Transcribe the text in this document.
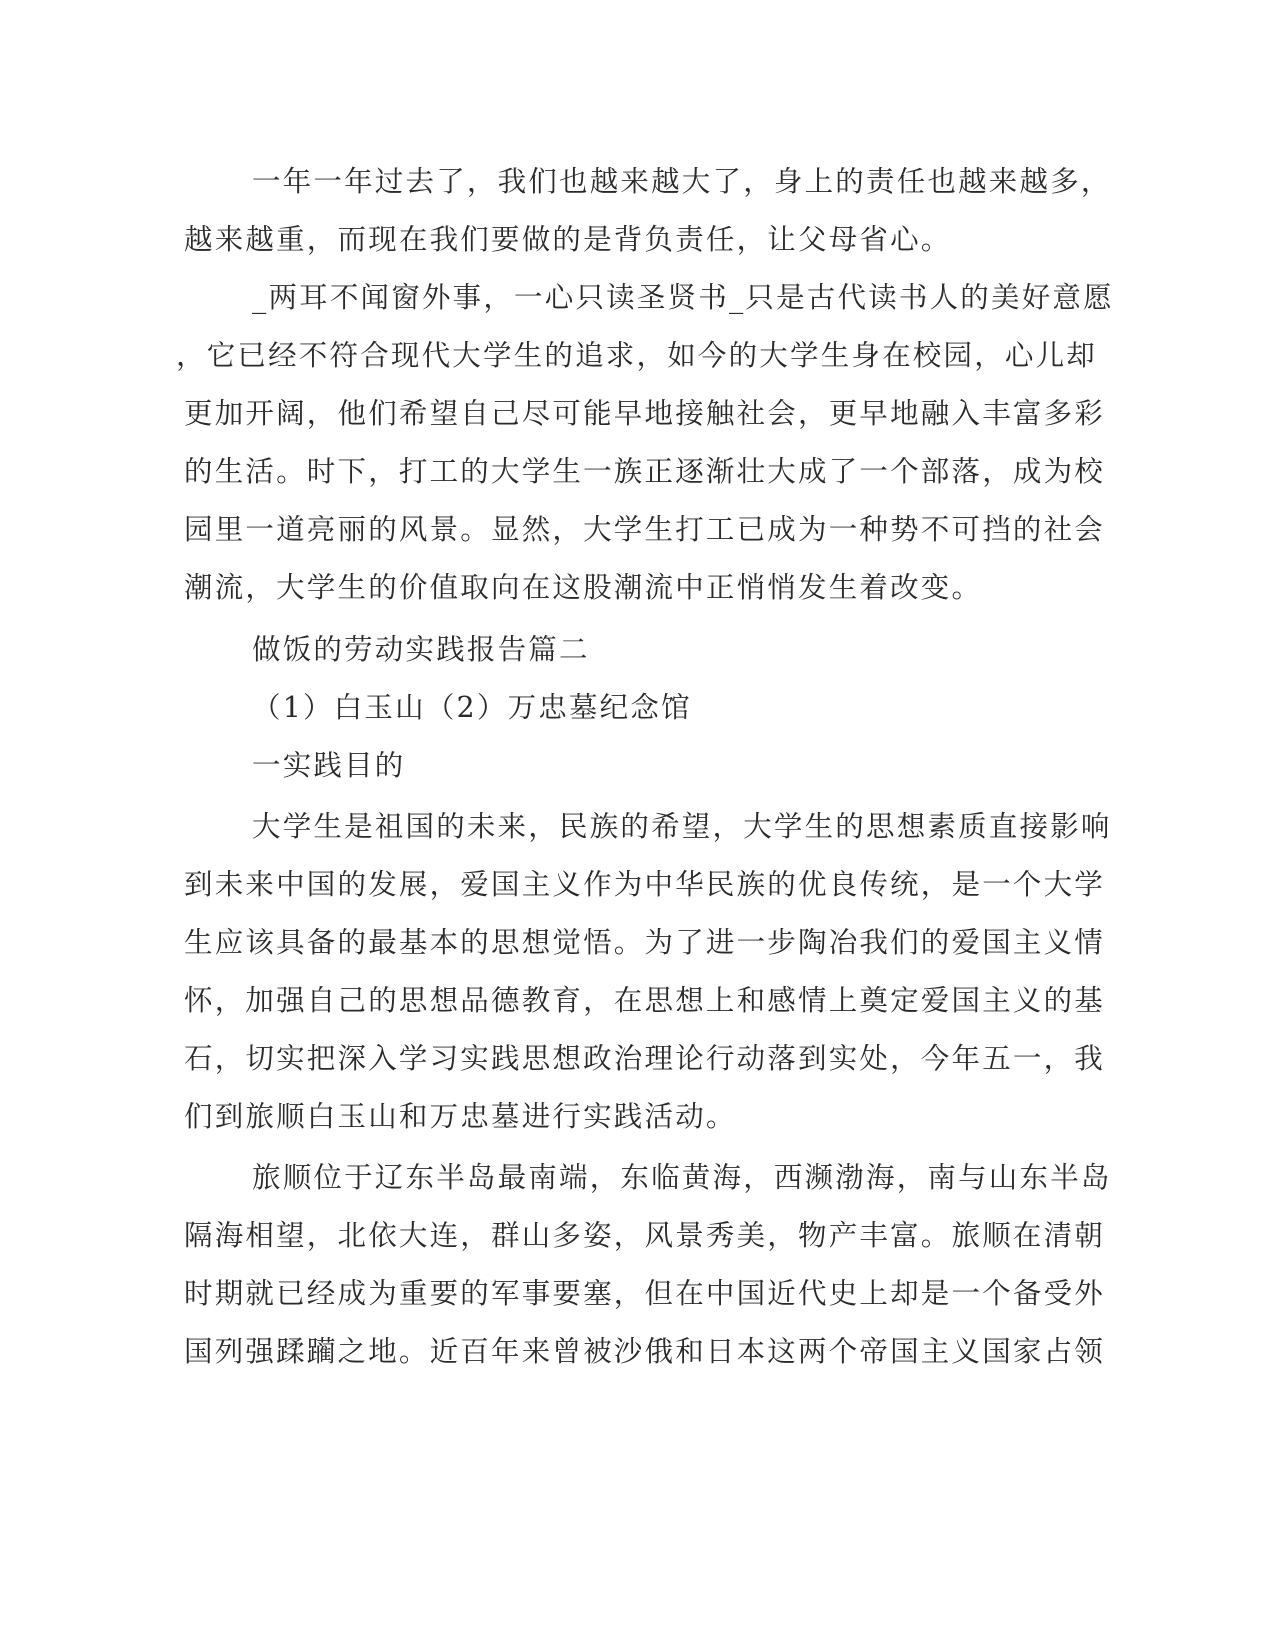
一年一年过去了，我们也越来越大了，身上的责任也越来越多，

越来越重，而现在我们要做的是背负责任，让父母省心。

_两耳不闻窗外事，一心只读圣贤书_只是古代读书人的美好意愿

，它已经不符合现代大学生的追求，如今的大学生身在校园，心儿却

更加开阔，他们希望自己尽可能早地接触社会，更早地融入丰富多彩

的生活。时下，打工的大学生一族正逐渐壮大成了一个部落，成为校

园里一道亮丽的风景。显然，大学生打工已成为一种势不可挡的社会

潮流，大学生的价值取向在这股潮流中正悄悄发生着改变。

做饭的劳动实践报告篇二

（1）白玉山（2）万忠墓纪念馆

一实践目的

大学生是祖国的未来，民族的希望，大学生的思想素质直接影响

到未来中国的发展，爱国主义作为中华民族的优良传统，是一个大学

生应该具备的最基本的思想觉悟。为了进一步陶冶我们的爱国主义情

怀，加强自己的思想品德教育，在思想上和感情上奠定爱国主义的基

石，切实把深入学习实践思想政治理论行动落到实处，今年五一，我

们到旅顺白玉山和万忠墓进行实践活动。

旅顺位于辽东半岛最南端，东临黄海，西濒渤海，南与山东半岛

隔海相望，北依大连，群山多姿，风景秀美，物产丰富。旅顺在清朝

时期就已经成为重要的军事要塞，但在中国近代史上却是一个备受外

国列强蹂躏之地。近百年来曾被沙俄和日本这两个帝国主义国家占领
